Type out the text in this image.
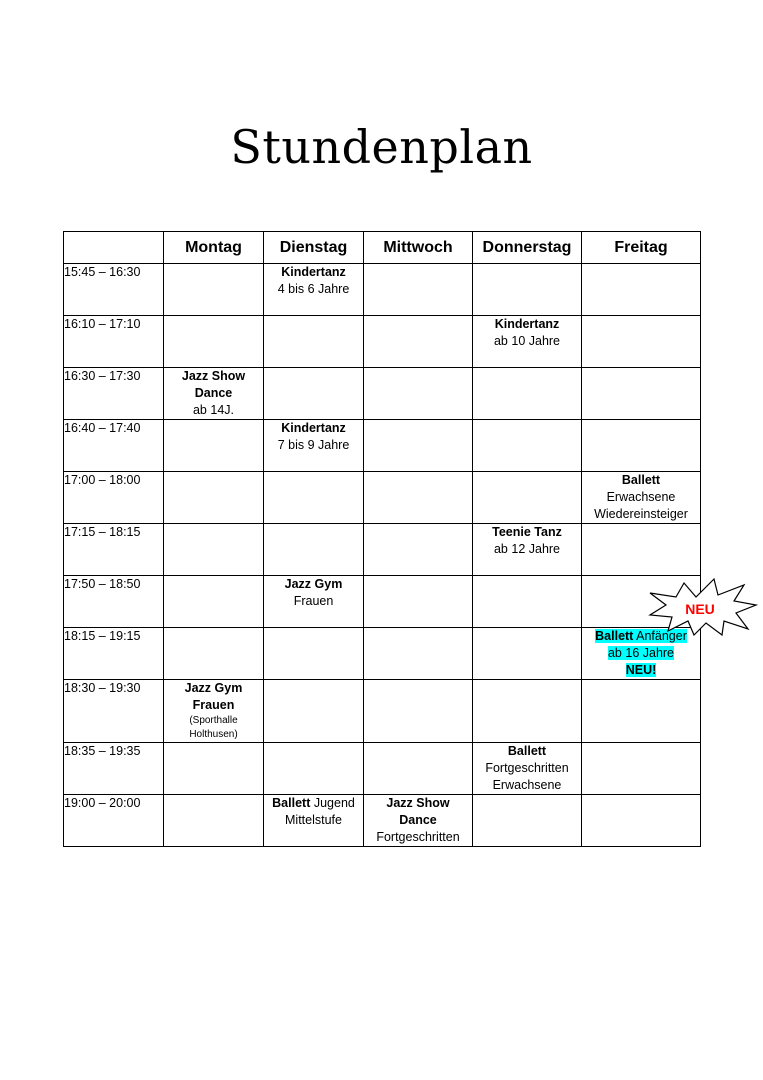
Stundenplan
	Montag	Dienstag	Mittwoch	Donnerstag	Freitag
15:45 – 16:30		Kindertanz
4 bis 6 Jahre			

16:10 – 17:10				Kindertanz
ab 10 Jahre	

16:30 – 17:30	Jazz Show
Dance
ab 14J.				

16:40 – 17:40		Kindertanz
7 bis 9 Jahre			

17:00 – 18:00					Ballett
Erwachsene
Wiedereinsteiger

17:15 – 18:15				Teenie Tanz
ab 12 Jahre	

17:50 – 18:50		Jazz Gym
Frauen			

18:15 – 19:15					Ballett Anfänger
ab 16 Jahre
NEU!

18:30 – 19:30	Jazz Gym
Frauen
(Sporthalle
Holthusen)				

18:35 – 19:35				Ballett
Fortgeschritten
Erwachsene	

19:00 – 20:00		Ballett Jugend
Mittelstufe	Jazz Show
Dance
Fortgeschritten		

NEU
